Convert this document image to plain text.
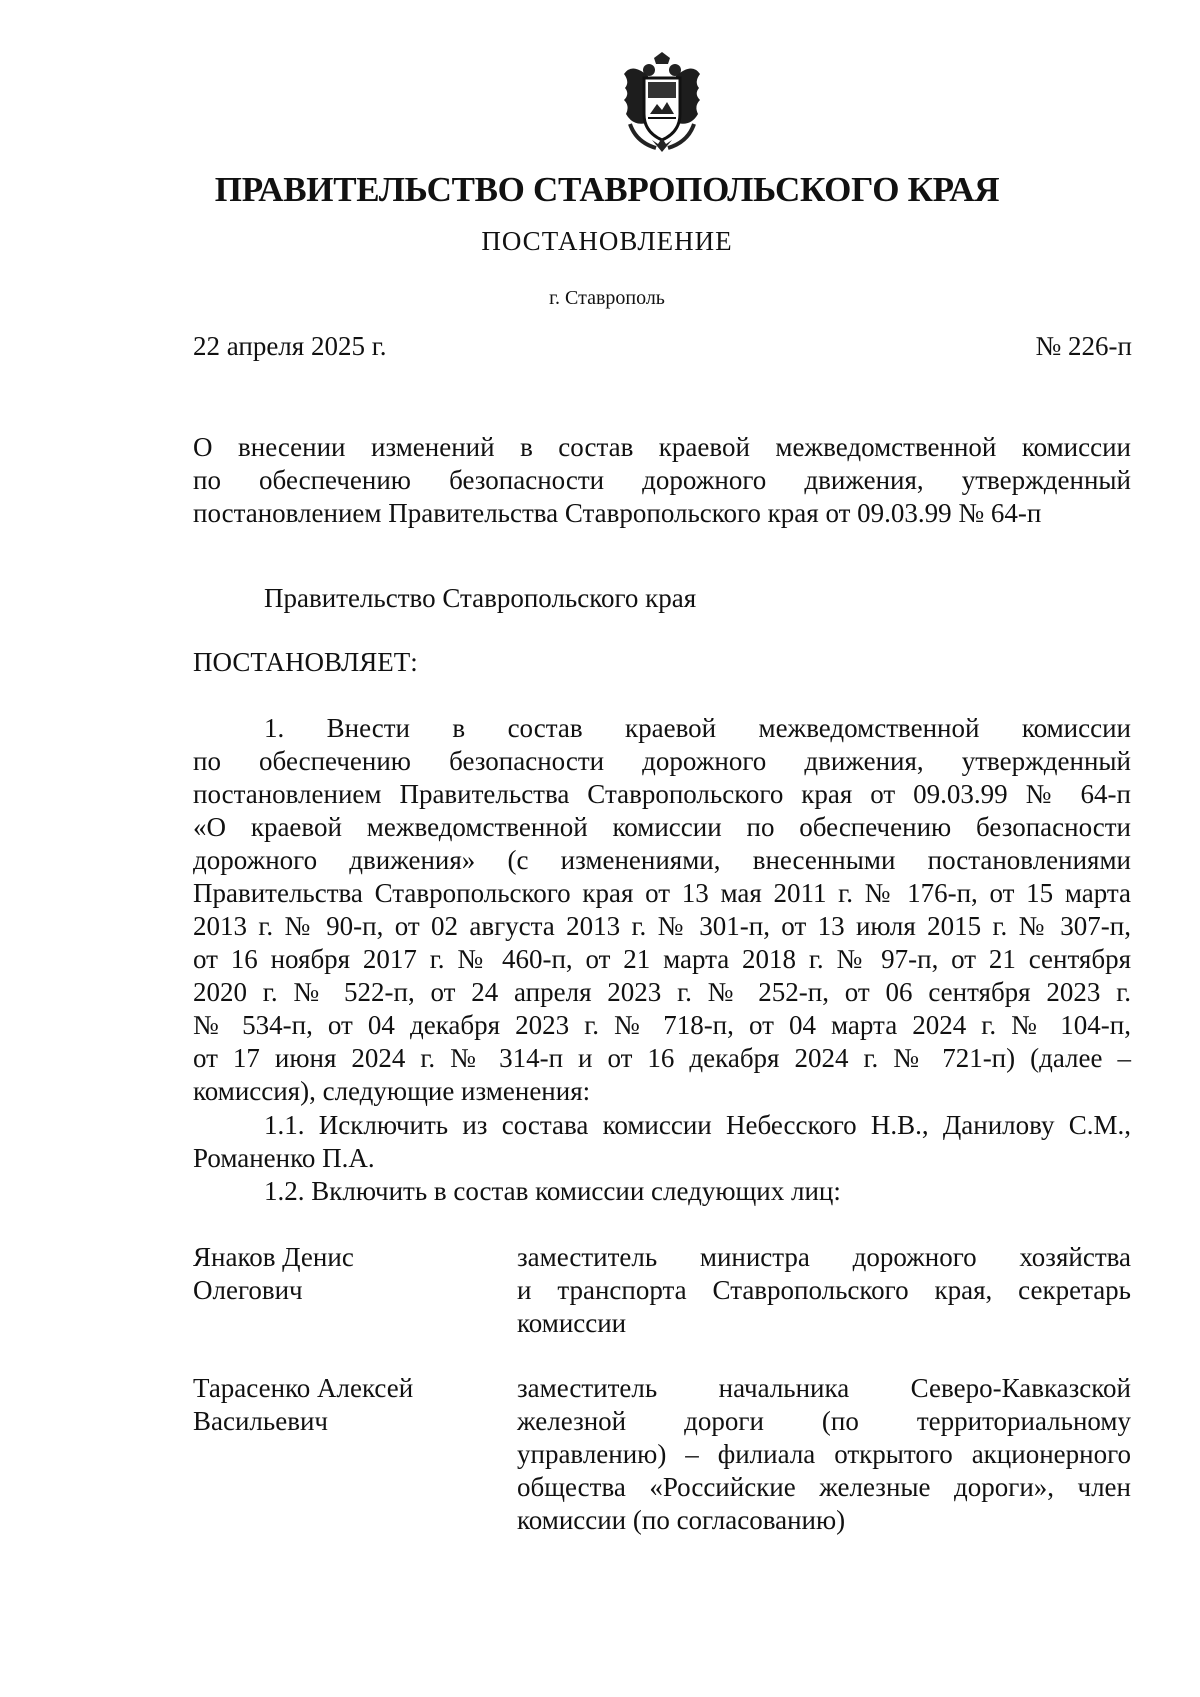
ПРАВИТЕЛЬСТВО СТАВРОПОЛЬСКОГО КРАЯ
ПОСТАНОВЛЕНИЕ
г. Ставрополь
22 апреля 2025 г.	№ 226-п
О внесении изменений в состав краевой межведомственной комиссии
по обеспечению безопасности дорожного движения, утвержденный
постановлением Правительства Ставропольского края от 09.03.99 № 64-п
Правительство Ставропольского края
ПОСТАНОВЛЯЕТ:
1. Внести в состав краевой межведомственной комиссии
по обеспечению безопасности дорожного движения, утвержденный
постановлением Правительства Ставропольского края от 09.03.99 № 64-п
«О краевой межведомственной комиссии по обеспечению безопасности
дорожного движения» (с изменениями, внесенными постановлениями
Правительства Ставропольского края от 13 мая 2011 г. № 176-п, от 15 марта
2013 г. № 90-п, от 02 августа 2013 г. № 301-п, от 13 июля 2015 г. № 307-п,
от 16 ноября 2017 г. № 460-п, от 21 марта 2018 г. № 97-п, от 21 сентября
2020 г. № 522-п, от 24 апреля 2023 г. № 252-п, от 06 сентября 2023 г.
№ 534-п, от 04 декабря 2023 г. № 718-п, от 04 марта 2024 г. № 104-п,
от 17 июня 2024 г. № 314-п и от 16 декабря 2024 г. № 721-п) (далее –
комиссия), следующие изменения:
1.1. Исключить из состава комиссии Небесского Н.В., Данилову С.М.,
Романенко П.А.
1.2. Включить в состав комиссии следующих лиц:
Янаков Денис
Олегович
заместитель министра дорожного хозяйства
и транспорта Ставропольского края, секретарь
комиссии
Тарасенко Алексей
Васильевич
заместитель начальника Северо-Кавказской
железной дороги (по территориальному
управлению) – филиала открытого акционерного
общества «Российские железные дороги», член
комиссии (по согласованию)
